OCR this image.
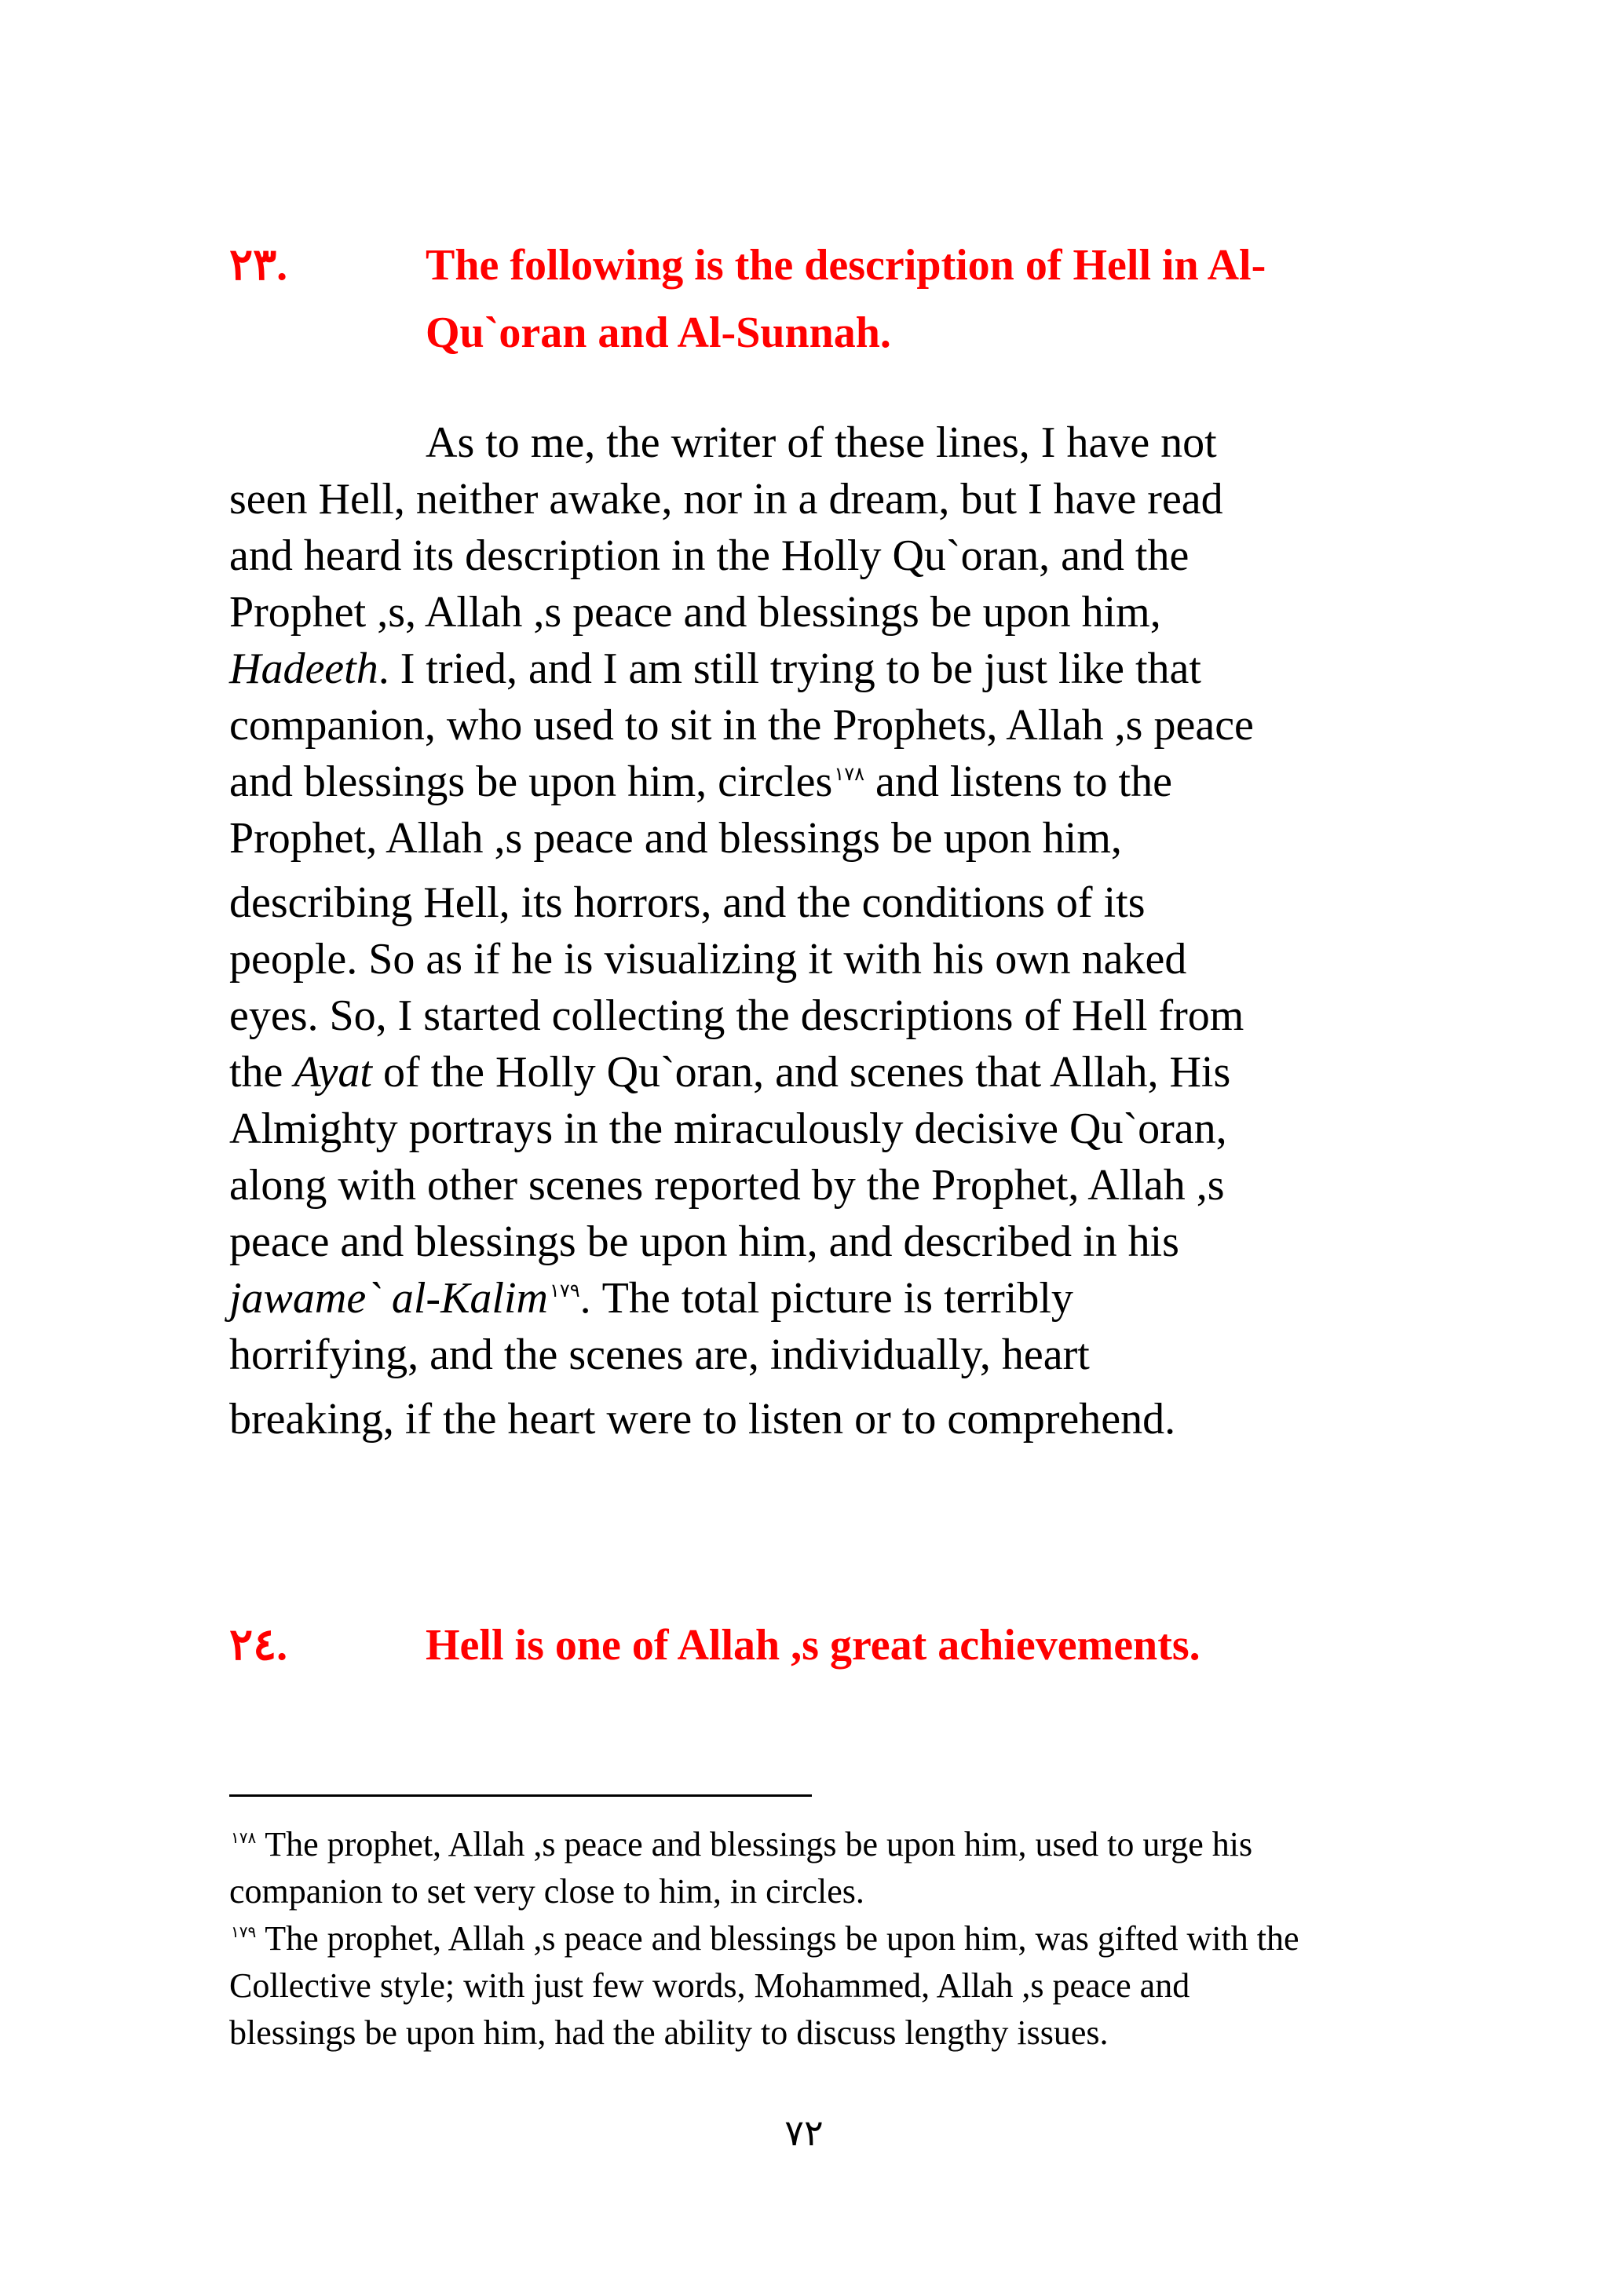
٢٣.	The following is the description of Hell in Al-
Qu`oran and Al-Sunnah.
As to me, the writer of these lines, I have not
seen Hell, neither awake, nor in a dream, but I have read
and heard its description in the Holly Qu`oran, and the
Prophet ,s, Allah ,s peace and blessings be upon him,
Hadeeth. I tried, and I am still trying to be just like that
companion, who used to sit in the Prophets, Allah ,s peace
and blessings be upon him, circles$^{١٧٨}$ and listens to the
Prophet, Allah ,s peace and blessings be upon him,
describing Hell, its horrors, and the conditions of its
people. So as if he is visualizing it with his own naked
eyes. So, I started collecting the descriptions of Hell from
the Ayat of the Holly Qu`oran, and scenes that Allah, His
Almighty portrays in the miraculously decisive Qu`oran,
along with other scenes reported by the Prophet, Allah ,s
peace and blessings be upon him, and described in his
jawame` al-Kalim$^{١٧٩}$. The total picture is terribly
horrifying, and the scenes are, individually, heart
breaking, if the heart were to listen or to comprehend.
٢٤.	Hell is one of Allah ,s great achievements.
$^{١٧٨}$ The prophet, Allah ,s peace and blessings be upon him, used to urge his
companion to set very close to him, in circles.
$^{١٧٩}$ The prophet, Allah ,s peace and blessings be upon him, was gifted with the
Collective style; with just few words, Mohammed, Allah ,s peace and
blessings be upon him, had the ability to discuss lengthy issues.
٧٢
